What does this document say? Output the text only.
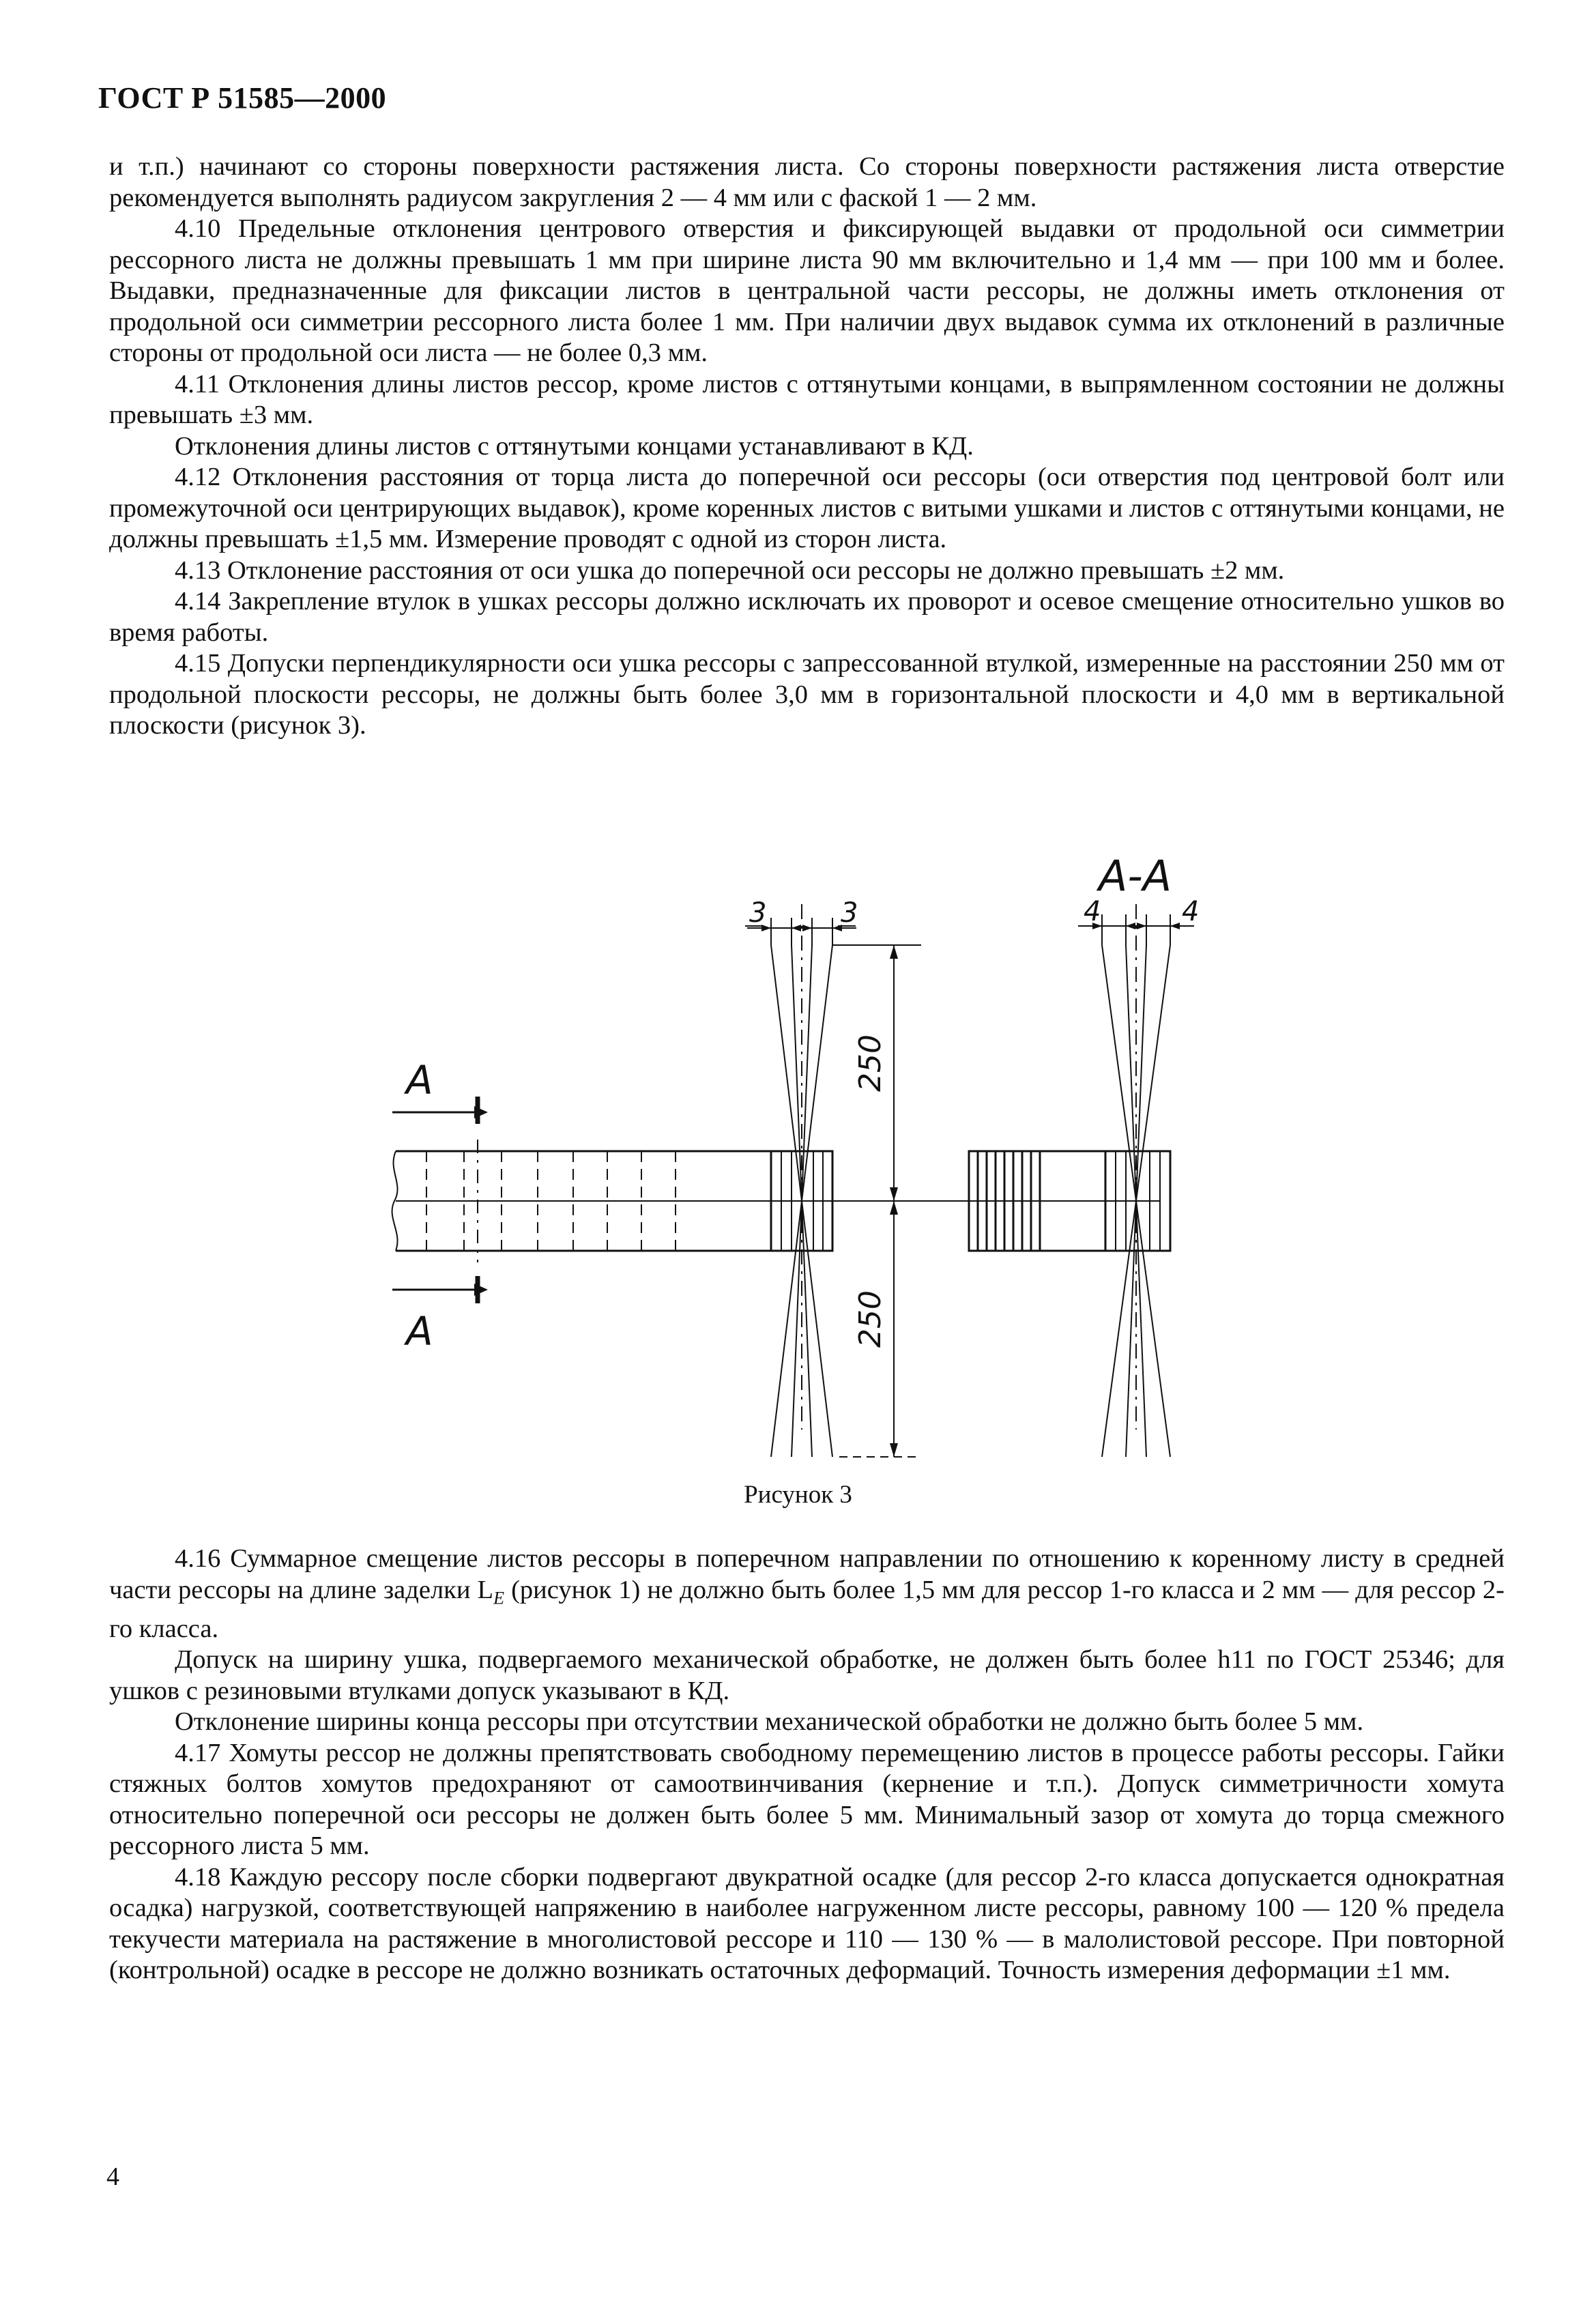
ГОСТ Р 51585—2000

и т.п.) начинают со стороны поверхности растяжения листа. Со стороны поверхности растяжения листа отверстие рекомендуется выполнять радиусом закругления 2 — 4 мм или с фаской 1 — 2 мм.

4.10 Предельные отклонения центрового отверстия и фиксирующей выдавки от продольной оси симметрии рессорного листа не должны превышать 1 мм при ширине листа 90 мм включительно и 1,4 мм — при 100 мм и более. Выдавки, предназначенные для фиксации листов в центральной части рессоры, не должны иметь отклонения от продольной оси симметрии рессорного листа более 1 мм. При наличии двух выдавок сумма их отклонений в различные стороны от продольной оси листа — не более 0,3 мм.

4.11 Отклонения длины листов рессор, кроме листов с оттянутыми концами, в выпрямленном состоянии не должны превышать ±3 мм.

Отклонения длины листов с оттянутыми концами устанавливают в КД.

4.12 Отклонения расстояния от торца листа до поперечной оси рессоры (оси отверстия под центровой болт или промежуточной оси центрирующих выдавок), кроме коренных листов с витыми ушками и листов с оттянутыми концами, не должны превышать ±1,5 мм. Измерение проводят с одной из сторон листа.

4.13 Отклонение расстояния от оси ушка до поперечной оси рессоры не должно превышать ±2 мм.

4.14 Закрепление втулок в ушках рессоры должно исключать их проворот и осевое смещение относительно ушков во время работы.

4.15 Допуски перпендикулярности оси ушка рессоры с запрессованной втулкой, измеренные на расстоянии 250 мм от продольной плоскости рессоры, не должны быть более 3,0 мм в горизонтальной плоскости и 4,0 мм в вертикальной плоскости (рисунок 3).

А
А
3	3
250
250
4	4
А-А
Рисунок 3

4.16 Суммарное смещение листов рессоры в поперечном направлении по отношению к коренному листу в средней части рессоры на длине заделки $L_E$ (рисунок 1) не должно быть более 1,5 мм для рессор 1-го класса и 2 мм — для рессор 2-го класса.

Допуск на ширину ушка, подвергаемого механической обработке, не должен быть более h11 по ГОСТ 25346; для ушков с резиновыми втулками допуск указывают в КД.

Отклонение ширины конца рессоры при отсутствии механической обработки не должно быть более 5 мм.

4.17 Хомуты рессор не должны препятствовать свободному перемещению листов в процессе работы рессоры. Гайки стяжных болтов хомутов предохраняют от самоотвинчивания (кернение и т.п.). Допуск симметричности хомута относительно поперечной оси рессоры не должен быть более 5 мм. Минимальный зазор от хомута до торца смежного рессорного листа 5 мм.

4.18 Каждую рессору после сборки подвергают двукратной осадке (для рессор 2-го класса допускается однократная осадка) нагрузкой, соответствующей напряжению в наиболее нагруженном листе рессоры, равному 100 — 120 % предела текучести материала на растяжение в многолистовой рессоре и 110 — 130 % — в малолистовой рессоре. При повторной (контрольной) осадке в рессоре не должно возникать остаточных деформаций. Точность измерения деформации ±1 мм.

4
